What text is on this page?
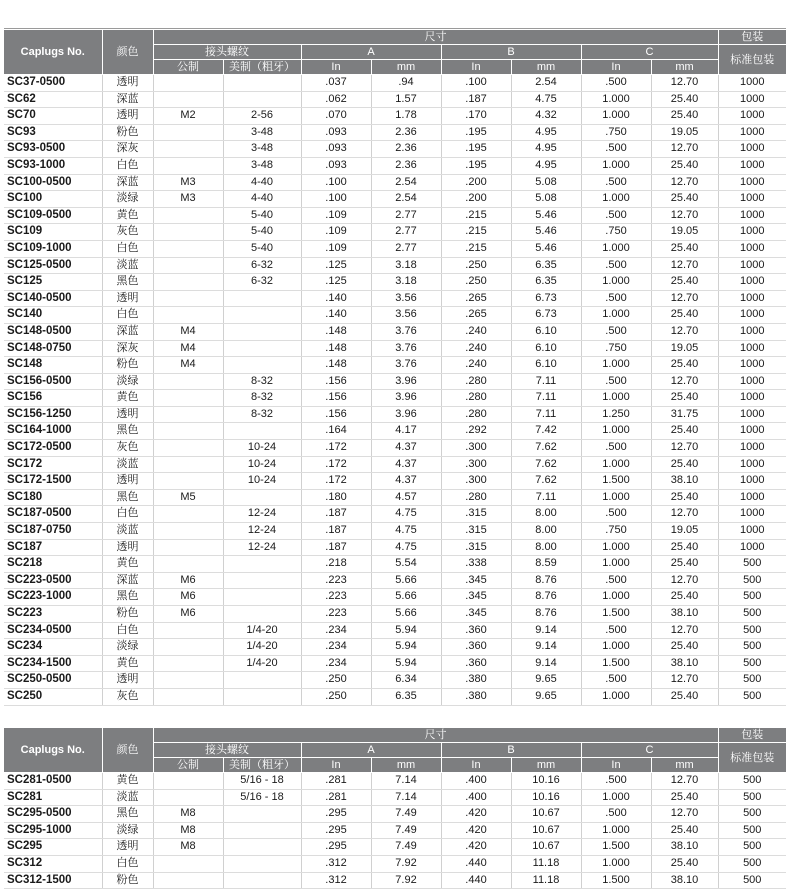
Caplugs No.	颜色	尺寸								包装
		接头螺纹		A		B		C		标准包装
		公制	美制（粗牙）	In	mm	In	mm	In	mm	
SC37-0500	透明			.037	.94	.100	2.54	.500	12.70	1000
SC62	深蓝			.062	1.57	.187	4.75	1.000	25.40	1000
SC70	透明	M2	2-56	.070	1.78	.170	4.32	1.000	25.40	1000
SC93	粉色		3-48	.093	2.36	.195	4.95	.750	19.05	1000
SC93-0500	深灰		3-48	.093	2.36	.195	4.95	.500	12.70	1000
SC93-1000	白色		3-48	.093	2.36	.195	4.95	1.000	25.40	1000
SC100-0500	深蓝	M3	4-40	.100	2.54	.200	5.08	.500	12.70	1000
SC100	淡绿	M3	4-40	.100	2.54	.200	5.08	1.000	25.40	1000
SC109-0500	黄色		5-40	.109	2.77	.215	5.46	.500	12.70	1000
SC109	灰色		5-40	.109	2.77	.215	5.46	.750	19.05	1000
SC109-1000	白色		5-40	.109	2.77	.215	5.46	1.000	25.40	1000
SC125-0500	淡蓝		6-32	.125	3.18	.250	6.35	.500	12.70	1000
SC125	黑色		6-32	.125	3.18	.250	6.35	1.000	25.40	1000
SC140-0500	透明			.140	3.56	.265	6.73	.500	12.70	1000
SC140	白色			.140	3.56	.265	6.73	1.000	25.40	1000
SC148-0500	深蓝	M4		.148	3.76	.240	6.10	.500	12.70	1000
SC148-0750	深灰	M4		.148	3.76	.240	6.10	.750	19.05	1000
SC148	粉色	M4		.148	3.76	.240	6.10	1.000	25.40	1000
SC156-0500	淡绿		8-32	.156	3.96	.280	7.11	.500	12.70	1000
SC156	黄色		8-32	.156	3.96	.280	7.11	1.000	25.40	1000
SC156-1250	透明		8-32	.156	3.96	.280	7.11	1.250	31.75	1000
SC164-1000	黑色			.164	4.17	.292	7.42	1.000	25.40	1000
SC172-0500	灰色		10-24	.172	4.37	.300	7.62	.500	12.70	1000
SC172	淡蓝		10-24	.172	4.37	.300	7.62	1.000	25.40	1000
SC172-1500	透明		10-24	.172	4.37	.300	7.62	1.500	38.10	1000
SC180	黑色	M5		.180	4.57	.280	7.11	1.000	25.40	1000
SC187-0500	白色		12-24	.187	4.75	.315	8.00	.500	12.70	1000
SC187-0750	淡蓝		12-24	.187	4.75	.315	8.00	.750	19.05	1000
SC187	透明		12-24	.187	4.75	.315	8.00	1.000	25.40	1000
SC218	黄色			.218	5.54	.338	8.59	1.000	25.40	500
SC223-0500	深蓝	M6		.223	5.66	.345	8.76	.500	12.70	500
SC223-1000	黑色	M6		.223	5.66	.345	8.76	1.000	25.40	500
SC223	粉色	M6		.223	5.66	.345	8.76	1.500	38.10	500
SC234-0500	白色		1/4-20	.234	5.94	.360	9.14	.500	12.70	500
SC234	淡绿		1/4-20	.234	5.94	.360	9.14	1.000	25.40	500
SC234-1500	黄色		1/4-20	.234	5.94	.360	9.14	1.500	38.10	500
SC250-0500	透明			.250	6.34	.380	9.65	.500	12.70	500
SC250	灰色			.250	6.35	.380	9.65	1.000	25.40	500
Caplugs No.	颜色	尺寸								包装
		接头螺纹		A		B		C		标准包装
		公制	美制（粗牙）	In	mm	In	mm	In	mm	
SC281-0500	黄色		5/16 - 18	.281	7.14	.400	10.16	.500	12.70	500
SC281	淡蓝		5/16 - 18	.281	7.14	.400	10.16	1.000	25.40	500
SC295-0500	黑色	M8		.295	7.49	.420	10.67	.500	12.70	500
SC295-1000	淡绿	M8		.295	7.49	.420	10.67	1.000	25.40	500
SC295	透明	M8		.295	7.49	.420	10.67	1.500	38.10	500
SC312	白色			.312	7.92	.440	11.18	1.000	25.40	500
SC312-1500	粉色			.312	7.92	.440	11.18	1.500	38.10	500
